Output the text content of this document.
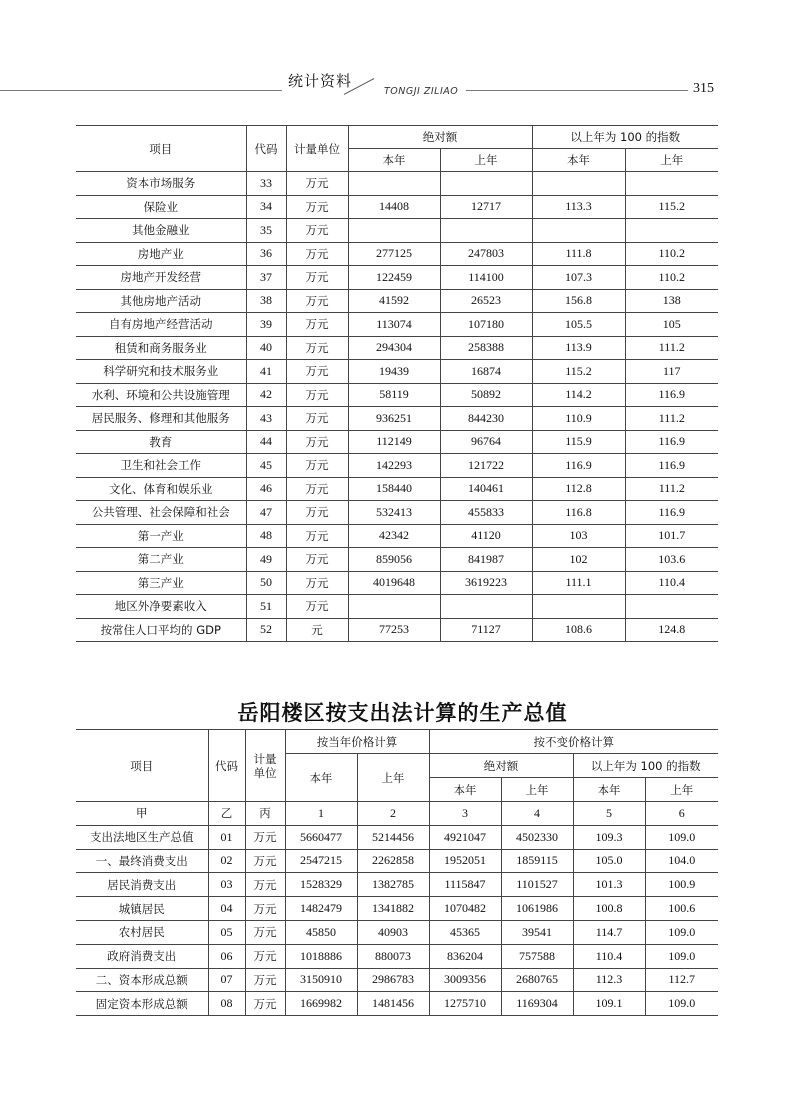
统计资料
TONGJI ZILIAO	315
项目	代码	计量单位	绝对额		以上年为 100 的指数	
			本年	上年	本年	上年
资本市场服务	33	万元				
保险业	34	万元	14408	12717	113.3	115.2
其他金融业	35	万元				
房地产业	36	万元	277125	247803	111.8	110.2
房地产开发经营	37	万元	122459	114100	107.3	110.2
其他房地产活动	38	万元	41592	26523	156.8	138
自有房地产经营活动	39	万元	113074	107180	105.5	105
租赁和商务服务业	40	万元	294304	258388	113.9	111.2
科学研究和技术服务业	41	万元	19439	16874	115.2	117
水利、环境和公共设施管理	42	万元	58119	50892	114.2	116.9
居民服务、修理和其他服务	43	万元	936251	844230	110.9	111.2
教育	44	万元	112149	96764	115.9	116.9
卫生和社会工作	45	万元	142293	121722	116.9	116.9
文化、体育和娱乐业	46	万元	158440	140461	112.8	111.2
公共管理、社会保障和社会	47	万元	532413	455833	116.8	116.9
第一产业	48	万元	42342	41120	103	101.7
第二产业	49	万元	859056	841987	102	103.6
第三产业	50	万元	4019648	3619223	111.1	110.4
地区外净要素收入	51	万元				
按常住人口平均的 GDP	52	元	77253	71127	108.6	124.8
岳阳楼区按支出法计算的生产总值
项目	代码	计量单位	按当年价格计算		按不变价格计算			
			本年	上年	绝对额		以上年为 100 的指数	
					本年	上年	本年	上年
甲	乙	丙	1	2	3	4	5	6
支出法地区生产总值	01	万元	5660477	5214456	4921047	4502330	109.3	109.0
一、最终消费支出	02	万元	2547215	2262858	1952051	1859115	105.0	104.0
居民消费支出	03	万元	1528329	1382785	1115847	1101527	101.3	100.9
城镇居民	04	万元	1482479	1341882	1070482	1061986	100.8	100.6
农村居民	05	万元	45850	40903	45365	39541	114.7	109.0
政府消费支出	06	万元	1018886	880073	836204	757588	110.4	109.0
二、资本形成总额	07	万元	3150910	2986783	3009356	2680765	112.3	112.7
固定资本形成总额	08	万元	1669982	1481456	1275710	1169304	109.1	109.0
